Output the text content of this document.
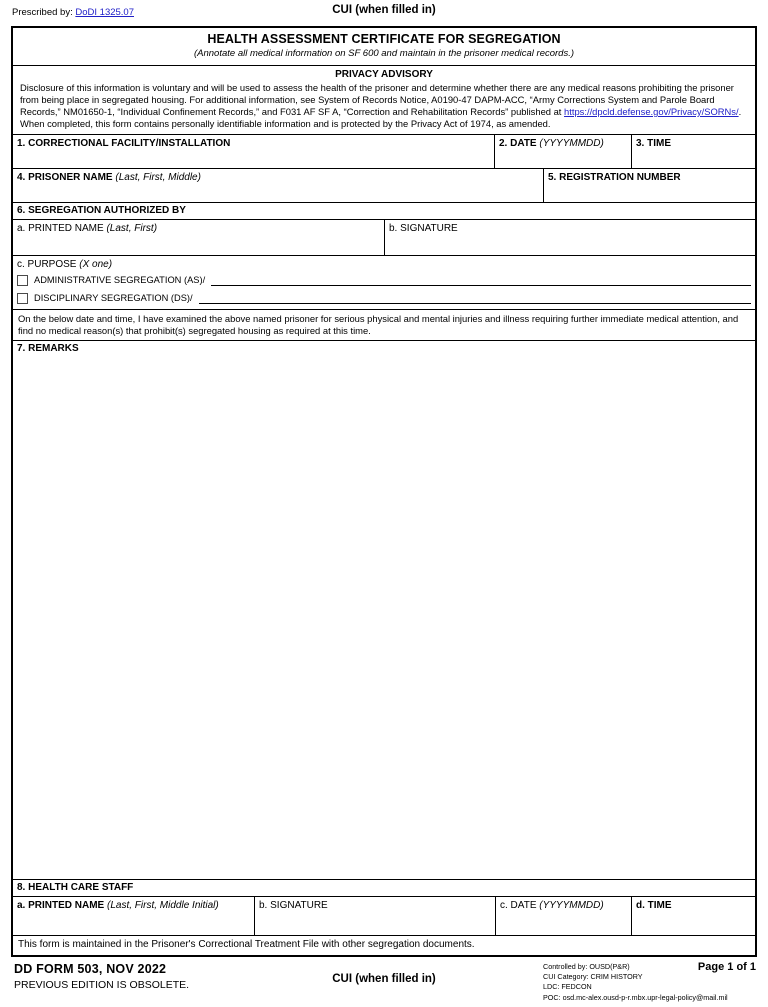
Prescribed by: DoDI 1325.07	CUI (when filled in)
HEALTH ASSESSMENT CERTIFICATE FOR SEGREGATION
(Annotate all medical information on SF 600 and maintain in the prisoner medical records.)
PRIVACY ADVISORY
Disclosure of this information is voluntary and will be used to assess the health of the prisoner and determine whether there are any medical reasons prohibiting the prisoner from being place in segregated housing. For additional information, see System of Records Notice, A0190-47 DAPM-ACC, “Army Corrections System and Parole Board Records,” NM01650-1, “Individual Confinement Records,” and F031 AF SF A, “Correction and Rehabilitation Records” published at https://dpcld.defense.gov/Privacy/SORNs/. When completed, this form contains personally identifiable information and is protected by the Privacy Act of 1974, as amended.
1. CORRECTIONAL FACILITY/INSTALLATION	2. DATE (YYYYMMDD)	3. TIME
4. PRISONER NAME (Last, First, Middle)	5. REGISTRATION NUMBER
6. SEGREGATION AUTHORIZED BY
a. PRINTED NAME (Last, First)	b. SIGNATURE
c. PURPOSE (X one)
ADMINISTRATIVE SEGREGATION (AS)/
DISCIPLINARY SEGREGATION (DS)/
On the below date and time, I have examined the above named prisoner for serious physical and mental injuries and illness requiring further immediate medical attention, and find no medical reason(s) that prohibit(s) segregated housing as required at this time.
7. REMARKS
8. HEALTH CARE STAFF
a. PRINTED NAME (Last, First, Middle Initial)	b. SIGNATURE	c. DATE (YYYYMMDD)	d. TIME
This form is maintained in the Prisoner's Correctional Treatment File with other segregation documents.
DD FORM 503, NOV 2022
PREVIOUS EDITION IS OBSOLETE.	CUI (when filled in)
Controlled by: OUSD(P&R)
CUI Category: CRIM HISTORY
LDC: FEDCON
POC: osd.mc-alex.ousd-p-r.mbx.upr-legal-policy@mail.mil
Page 1 of 1
